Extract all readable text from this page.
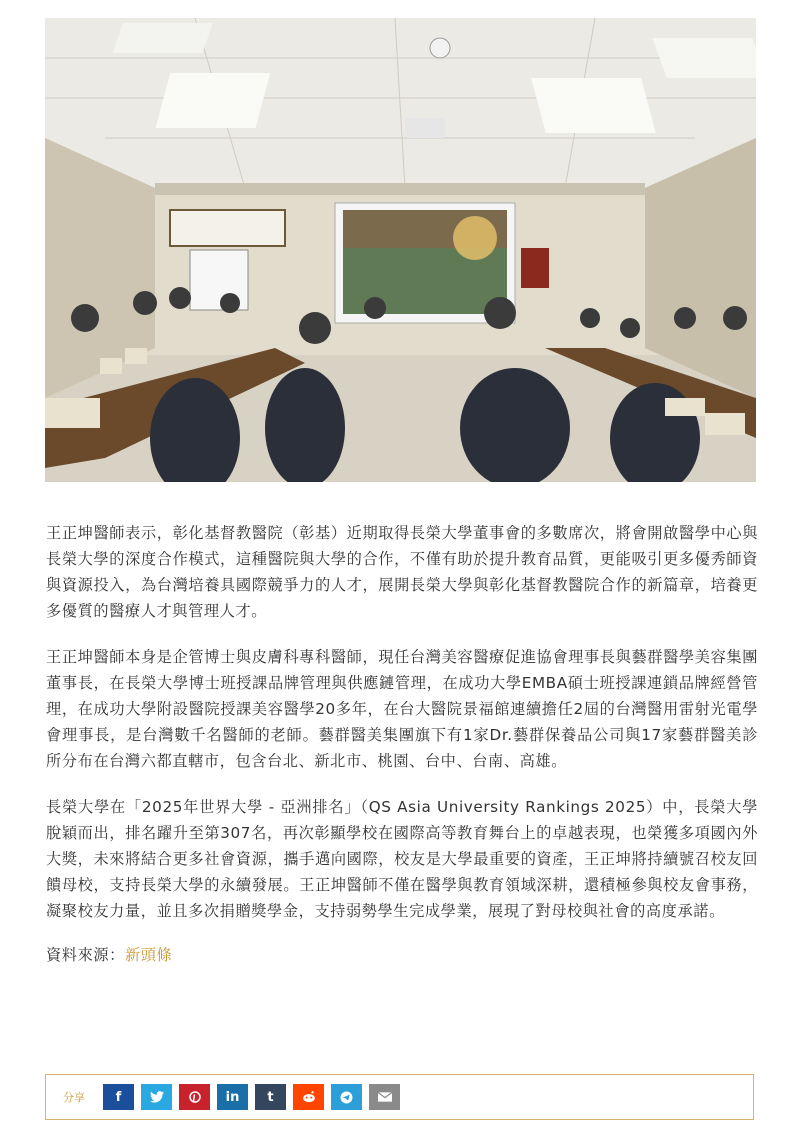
王正坤醫師表示，彰化基督教醫院（彰基）近期取得長榮大學董事會的多數席次，將會開啟醫學中心與長榮大學的深度合作模式，這種醫院與大學的合作，不僅有助於提升教育品質，更能吸引更多優秀師資與資源投入，為台灣培養具國際競爭力的人才，展開長榮大學與彰化基督教醫院合作的新篇章，培養更多優質的醫療人才與管理人才。

王正坤醫師本身是企管博士與皮膚科專科醫師，現任台灣美容醫療促進協會理事長與藝群醫學美容集團董事長，在長榮大學博士班授課品牌管理與供應鏈管理，在成功大學EMBA碩士班授課連鎖品牌經營管理，在成功大學附設醫院授課美容醫學20多年，在台大醫院景福館連續擔任2屆的台灣醫用雷射光電學會理事長，是台灣數千名醫師的老師。藝群醫美集團旗下有1家Dr.藝群保養品公司與17家藝群醫美診所分布在台灣六都直轄市，包含台北、新北市、桃園、台中、台南、高雄。

長榮大學在「2025年世界大學 - 亞洲排名」（QS Asia University Rankings 2025）中，長榮大學脫穎而出，排名躍升至第307名，再次彰顯學校在國際高等教育舞台上的卓越表現，也榮獲多項國內外大獎，未來將結合更多社會資源，攜手邁向國際，校友是大學最重要的資產，王正坤將持續號召校友回饋母校，支持長榮大學的永續發展。王正坤醫師不僅在醫學與教育領域深耕，還積極參與校友會事務，凝聚校友力量，並且多次捐贈獎學金，支持弱勢學生完成學業，展現了對母校與社會的高度承諾。

資料來源：新頭條
分享 f	in t
